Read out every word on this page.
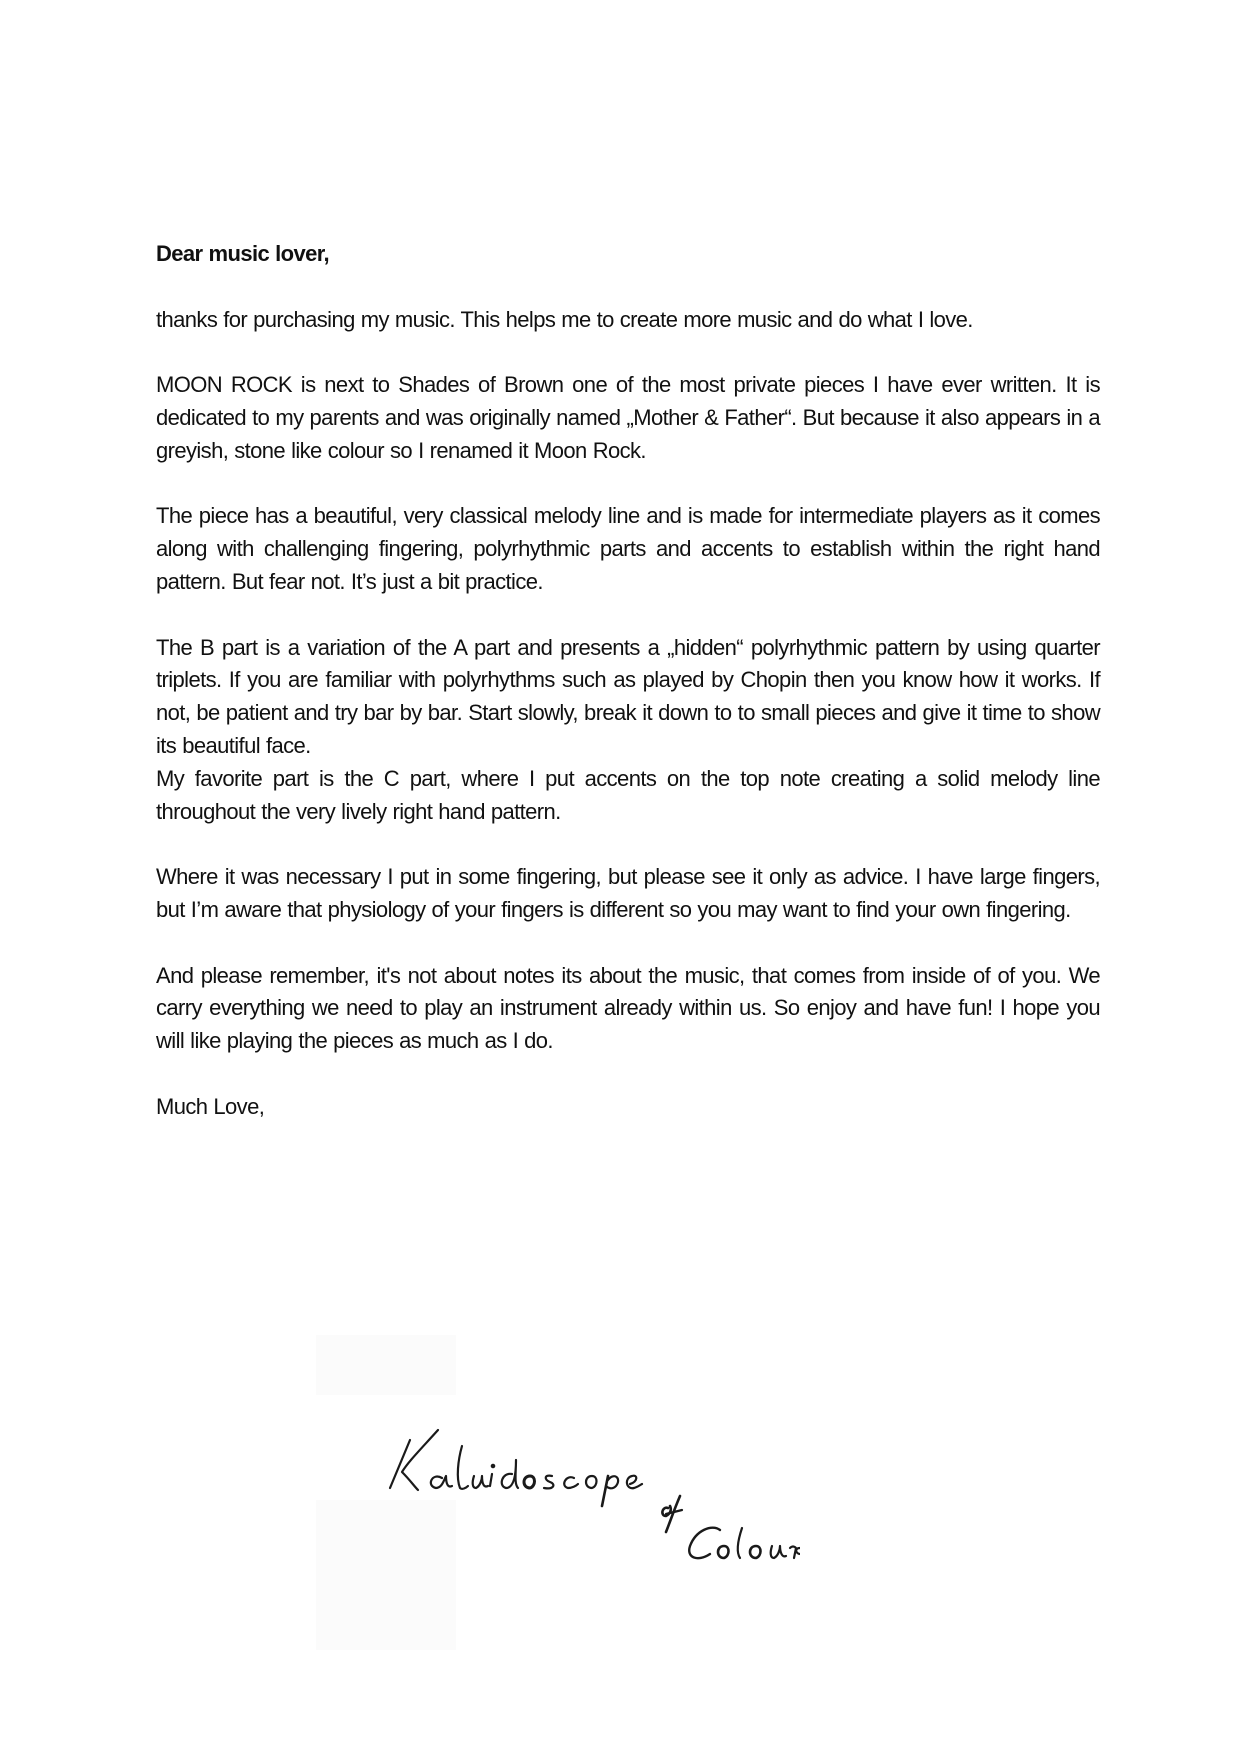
Dear music lover,

thanks for purchasing my music. This helps me to create more music and do what I love.

MOON ROCK is next to Shades of Brown one of the most private pieces I have ever written. It is dedicated to my parents and was originally named „Mother & Father“. But because it also appears in a greyish, stone like colour so I renamed it Moon Rock.

The piece has a beautiful, very classical melody line and is made for intermediate players as it comes along with challenging fingering, polyrhythmic parts and accents to establish within the right hand pattern. But fear not. It’s just a bit practice.

The B part is a variation of the A part and presents a „hidden“ polyrhythmic pattern by using quarter triplets. If you are familiar with polyrhythms such as played by Chopin then you know how it works. If not, be patient and try bar by bar. Start slowly, break it down to to small pieces and give it time to show its beautiful face.

My favorite part is the C part, where I put accents on the top note creating a solid melody line throughout the very lively right hand pattern.

Where it was necessary I put in some fingering, but please see it only as advice. I have large fingers, but I’m aware that physiology of your fingers is different so you may want to find your own fingering.

And please remember, it's not about notes its about the music, that comes from inside of of you. We carry everything we need to play an instrument already within us. So enjoy and have fun! I hope you will like playing the pieces as much as I do.

Much Love,
